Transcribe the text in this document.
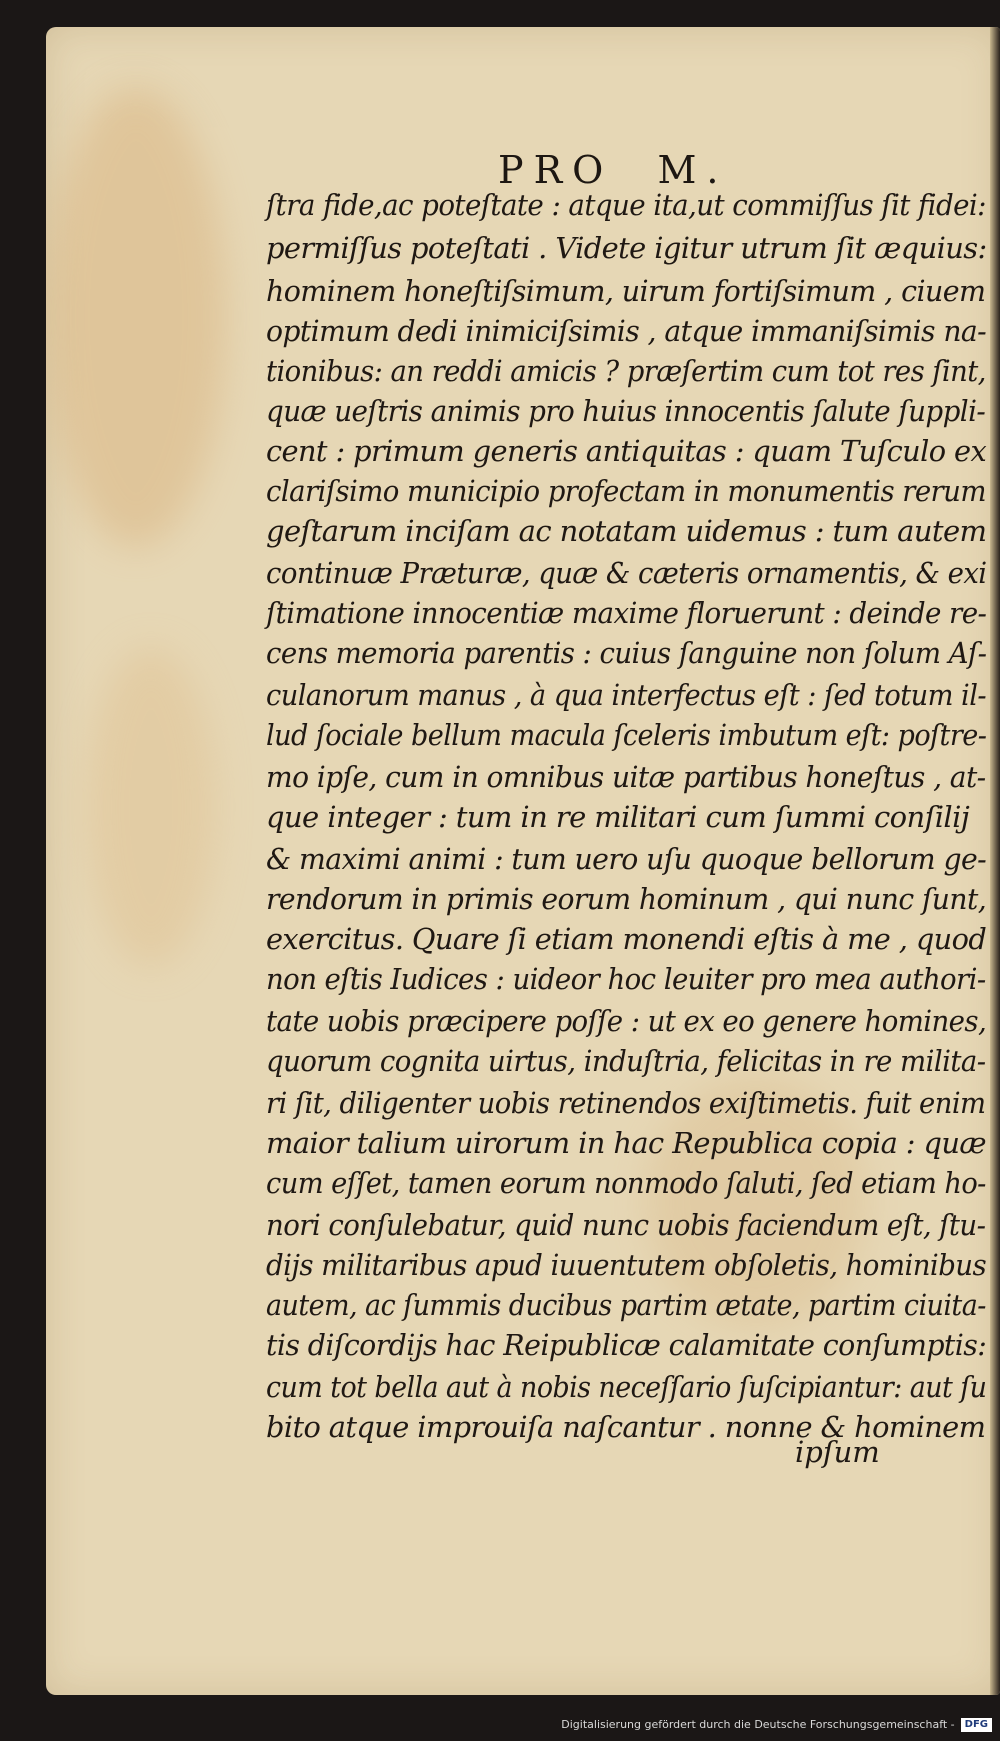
PRO  M.
ſtra fide,ac poteſtate : atque ita,ut commiſſus ſit fidei:
permiſſus poteſtati . Videte igitur utrum ſit æquius:
hominem honeſtiſsimum, uirum fortiſsimum , ciuem
optimum dedi inimiciſsimis , atque immaniſsimis na-
tionibus: an reddi amicis ? præſertim cum tot res ſint,
quæ ueſtris animis pro huius innocentis ſalute ſuppli-
cent : primum generis antiquitas : quam Tuſculo ex
clariſsimo municipio profectam in monumentis rerum
geſtarum inciſam ac notatam uidemus : tum autem
continuæ Præturæ, quæ & cæteris ornamentis, & exi
ſtimatione innocentiæ maxime floruerunt : deinde re-
cens memoria parentis : cuius ſanguine non ſolum Aſ-
culanorum manus , à qua interfectus eſt : ſed totum il-
lud ſociale bellum macula ſceleris imbutum eſt: poſtre-
mo ipſe, cum in omnibus uitæ partibus honeſtus , at-
que integer : tum in re militari cum ſummi conſilij
& maximi animi : tum uero uſu quoque bellorum ge-
rendorum in primis eorum hominum , qui nunc ſunt,
exercitus. Quare ſi etiam monendi eſtis à me , quod
non eſtis Iudices : uideor hoc leuiter pro mea authori-
tate uobis præcipere poſſe : ut ex eo genere homines,
quorum cognita uirtus, induſtria, felicitas in re milita-
ri ſit, diligenter uobis retinendos exiſtimetis. fuit enim
maior talium uirorum in hac Republica copia : quæ
cum eſſet, tamen eorum nonmodo ſaluti, ſed etiam ho-
nori conſulebatur, quid nunc uobis faciendum eſt, ſtu-
dijs militaribus apud iuuentutem obſoletis, hominibus
autem, ac ſummis ducibus partim ætate, partim ciuita-
tis diſcordijs hac Reipublicæ calamitate conſumptis:
cum tot bella aut à nobis neceſſario ſuſcipiantur: aut ſu
bito atque improuiſa naſcantur . nonne & hominem
ipſum
Digitalisierung gefördert durch die Deutsche Forschungsgemeinschaft - DFG
